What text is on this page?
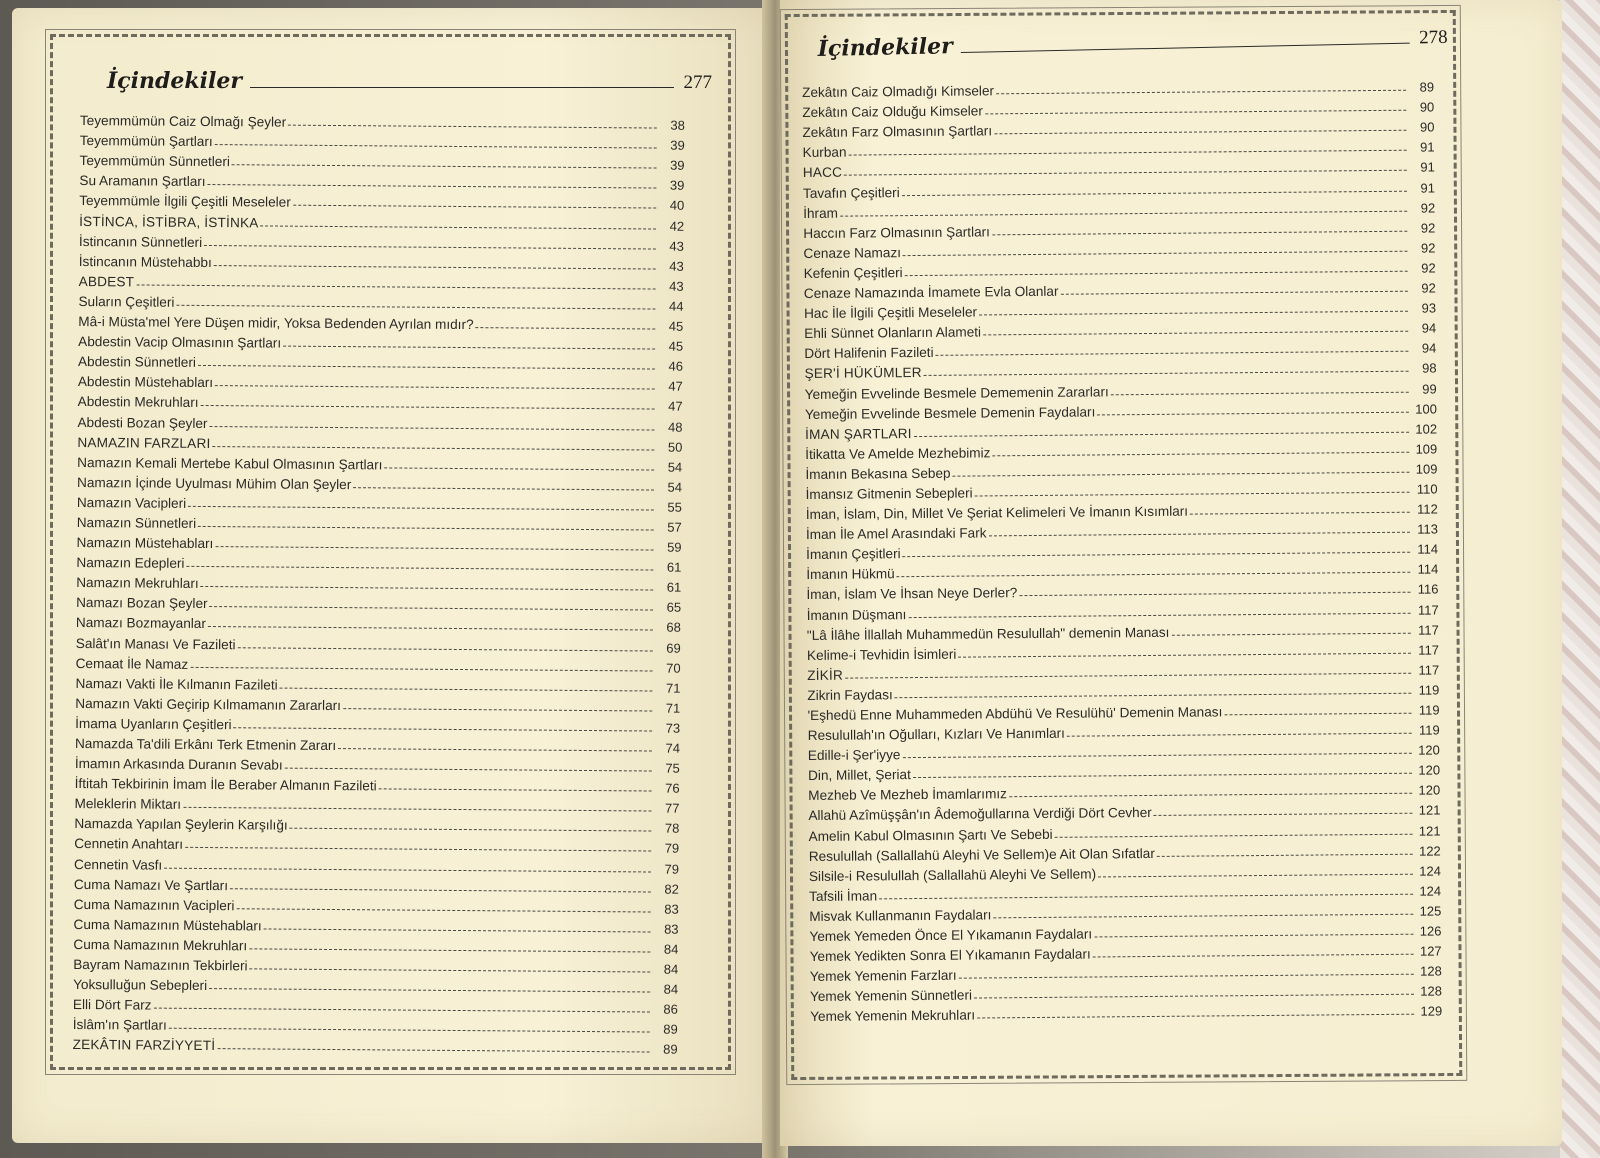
İçindekiler	277
Teyemmümün Caiz Olmağı Şeyler	38
Teyemmümün Şartları	39
Teyemmümün Sünnetleri	39
Su Aramanın Şartları	39
Teyemmümle İlgili Çeşitli Meseleler	40
İSTİNCA, İSTİBRA, İSTİNKA	42
İstincanın Sünnetleri	43
İstincanın Müstehabbı	43
ABDEST	43
Suların Çeşitleri	44
Mâ-i Müsta'mel Yere Düşen midir, Yoksa Bedenden Ayrılan mıdır?	45
Abdestin Vacip Olmasının Şartları	45
Abdestin Sünnetleri	46
Abdestin Müstehabları	47
Abdestin Mekruhları	47
Abdesti Bozan Şeyler	48
NAMAZIN FARZLARI	50
Namazın Kemali Mertebe Kabul Olmasının Şartları	54
Namazın İçinde Uyulması Mühim Olan Şeyler	54
Namazın Vacipleri	55
Namazın Sünnetleri	57
Namazın Müstehabları	59
Namazın Edepleri	61
Namazın Mekruhları	61
Namazı Bozan Şeyler	65
Namazı Bozmayanlar	68
Salât'ın Manası Ve Fazileti	69
Cemaat İle Namaz	70
Namazı Vakti İle Kılmanın Fazileti	71
Namazın Vakti Geçirip Kılmamanın Zararları	71
İmama Uyanların Çeşitleri	73
Namazda Ta'dili Erkânı Terk Etmenin Zararı	74
İmamın Arkasında Duranın Sevabı	75
İftitah Tekbirinin İmam İle Beraber Almanın Fazileti	76
Meleklerin Miktarı	77
Namazda Yapılan Şeylerin Karşılığı	78
Cennetin Anahtarı	79
Cennetin Vasfı	79
Cuma Namazı Ve Şartları	82
Cuma Namazının Vacipleri	83
Cuma Namazının Müstehabları	83
Cuma Namazının Mekruhları	84
Bayram Namazının Tekbirleri	84
Yoksulluğun Sebepleri	84
Elli Dört Farz	86
İslâm'ın Şartları	89
ZEKÂTIN FARZİYYETİ	89
İçindekiler	278
Zekâtın Caiz Olmadığı Kimseler	89
Zekâtın Caiz Olduğu Kimseler	90
Zekâtın Farz Olmasının Şartları	90
Kurban	91
HACC	91
Tavafın Çeşitleri	91
İhram	92
Haccın Farz Olmasının Şartları	92
Cenaze Namazı	92
Kefenin Çeşitleri	92
Cenaze Namazında İmamete Evla Olanlar	92
Hac İle İlgili Çeşitli Meseleler	93
Ehli Sünnet Olanların Alameti	94
Dört Halifenin Fazileti	94
ŞER'İ HÜKÜMLER	98
Yemeğin Evvelinde Besmele Dememenin Zararları	99
Yemeğin Evvelinde Besmele Demenin Faydaları	100
İMAN ŞARTLARI	102
İtikatta Ve Amelde Mezhebimiz	109
İmanın Bekasına Sebep	109
İmansız Gitmenin Sebepleri	110
İman, İslam, Din, Millet Ve Şeriat Kelimeleri Ve İmanın Kısımları	112
İman İle Amel Arasındaki Fark	113
İmanın Çeşitleri	114
İmanın Hükmü	114
İman, İslam Ve İhsan Neye Derler?	116
İmanın Düşmanı	117
"Lâ İlâhe İllallah Muhammedün Resulullah" demenin Manası	117
Kelime-i Tevhidin İsimleri	117
ZİKİR	117
Zikrin Faydası	119
'Eşhedü Enne Muhammeden Abdühü Ve Resulühü' Demenin Manası	119
Resulullah'ın Oğulları, Kızları Ve Hanımları	119
Edille-i Şer'iyye	120
Din, Millet, Şeriat	120
Mezheb Ve Mezheb İmamlarımız	120
Allahü Azîmüşşân'ın Âdemoğullarına Verdiği Dört Cevher	121
Amelin Kabul Olmasının Şartı Ve Sebebi	121
Resulullah (Sallallahü Aleyhi Ve Sellem)e Ait Olan Sıfatlar	122
Silsile-i Resulullah (Sallallahü Aleyhi Ve Sellem)	124
Tafsili İman	124
Misvak Kullanmanın Faydaları	125
Yemek Yemeden Önce El Yıkamanın Faydaları	126
Yemek Yedikten Sonra El Yıkamanın Faydaları	127
Yemek Yemenin Farzları	128
Yemek Yemenin Sünnetleri	128
Yemek Yemenin Mekruhları	129
